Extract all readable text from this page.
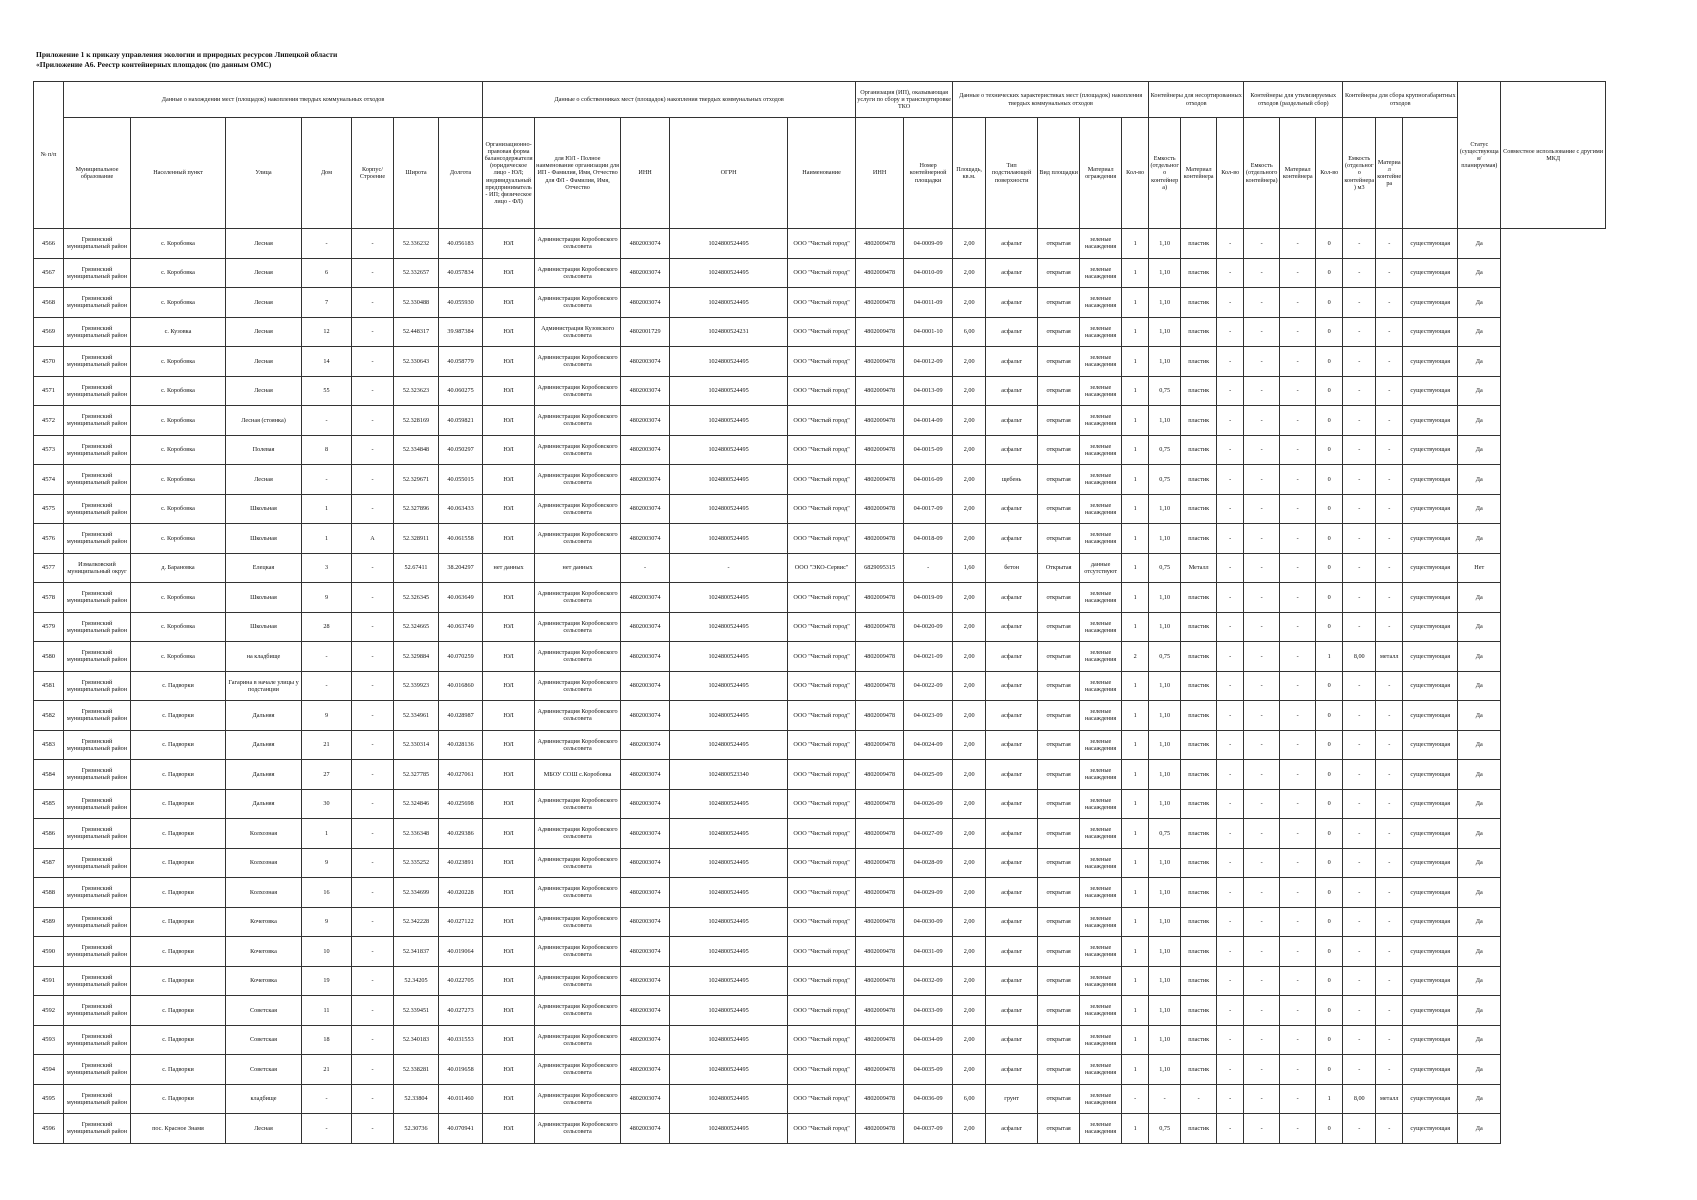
Приложение 1 к приказу управления экологии и природных ресурсов Липецкой области
«Приложение А6. Реестр контейнерных площадок (по данным ОМС)
№ п/п	Данные о нахождении мест (площадок) накопления твердых коммунальных отходов							Данные о собственниках мест (площадок) накопления твердых коммунальных отходов					Организация (ИП), оказывающая услуги по сбору и транспортировке ТКО		Данные о технических характеристиках мест (площадок) накопления твердых коммунальных отходов					Контейнеры для несортированных отходов			Контейнеры для утилизируемых отходов (раздельный сбор)			Контейнеры для сбора крупногабаритных отходов			Статус (существующая/ планируемая)	Совместное использование с другими МКД
	Муниципальное образование	Населенный пункт	Улица	Дом	Корпус/Строение	Широта	Долгота	Организационно-правовая форма балансодержателя (юридическое лицо - ЮЛ; индивидуальный предприниматель - ИП; физическое лицо - ФЛ)	для ЮЛ - Полное наименование организации для ИП - Фамилия, Имя, Отчество для ФЛ - Фамилия, Имя, Отчество	ИНН	ОГРН	Наименование	ИНН	Номер контейнерной площадки	Площадь, кв.м.	Тип подстилающей поверхности	Вид площадки	Материал ограждения	Кол-во	Емкость (отдельного контейнера)	Материал контейнера	Кол-во	Емкость (отдельного контейнера)	Материал контейнера	Кол-во	Емкость (отдельного контейнера) м3	Материал контейнера			
4566	Грязинский муниципальный район	с. Коробовка	Лесная	-	-	52.336232	40.056183	ЮЛ	Администрация Коробовского сельсовета	4802003074	1024800524495	ООО "Чистый город"	4802009478	04-0009-09	2,00	асфальт	открытая	зеленые насаждения	1	1,10	пластик	-	-	-	0	-	-	существующая	Да	
4567	Грязинский муниципальный район	с. Коробовка	Лесная	6	-	52.332657	40.057834	ЮЛ	Администрация Коробовского сельсовета	4802003074	1024800524495	ООО "Чистый город"	4802009478	04-0010-09	2,00	асфальт	открытая	зеленые насаждения	1	1,10	пластик	-	-	-	0	-	-	существующая	Да	
4568	Грязинский муниципальный район	с. Коробовка	Лесная	7	-	52.330488	40.055930	ЮЛ	Администрация Коробовского сельсовета	4802003074	1024800524495	ООО "Чистый город"	4802009478	04-0011-09	2,00	асфальт	открытая	зеленые насаждения	1	1,10	пластик	-	-	-	0	-	-	существующая	Да	
4569	Грязинский муниципальный район	с. Кузовка	Лесная	12	-	52.448317	39.987384	ЮЛ	Администрация Кузовского сельсовета	4802001729	1024800524231	ООО "Чистый город"	4802009478	04-0001-10	6,00	асфальт	открытая	зеленые насаждения	1	1,10	пластик	-	-	-	0	-	-	существующая	Да	
4570	Грязинский муниципальный район	с. Коробовка	Лесная	14	-	52.330643	40.058779	ЮЛ	Администрация Коробовского сельсовета	4802003074	1024800524495	ООО "Чистый город"	4802009478	04-0012-09	2,00	асфальт	открытая	зеленые насаждения	1	1,10	пластик	-	-	-	0	-	-	существующая	Да	
4571	Грязинский муниципальный район	с. Коробовка	Лесная	55	-	52.323623	40.060275	ЮЛ	Администрация Коробовского сельсовета	4802003074	1024800524495	ООО "Чистый город"	4802009478	04-0013-09	2,00	асфальт	открытая	зеленые насаждения	1	0,75	пластик	-	-	-	0	-	-	существующая	Да	
4572	Грязинский муниципальный район	с. Коробовка	Лесная (стоянка)	-	-	52.328169	40.059821	ЮЛ	Администрация Коробовского сельсовета	4802003074	1024800524495	ООО "Чистый город"	4802009478	04-0014-09	2,00	асфальт	открытая	зеленые насаждения	1	1,10	пластик	-	-	-	0	-	-	существующая	Да	
4573	Грязинский муниципальный район	с. Коробовка	Полевая	8	-	52.334848	40.050297	ЮЛ	Администрация Коробовского сельсовета	4802003074	1024800524495	ООО "Чистый город"	4802009478	04-0015-09	2,00	асфальт	открытая	зеленые насаждения	1	0,75	пластик	-	-	-	0	-	-	существующая	Да	
4574	Грязинский муниципальный район	с. Коробовка	Лесная	-	-	52.329671	40.055015	ЮЛ	Администрация Коробовского сельсовета	4802003074	1024800524495	ООО "Чистый город"	4802009478	04-0016-09	2,00	щебень	открытая	зеленые насаждения	1	0,75	пластик	-	-	-	0	-	-	существующая	Да	
4575	Грязинский муниципальный район	с. Коробовка	Школьная	1	-	52.327896	40.063433	ЮЛ	Администрация Коробовского сельсовета	4802003074	1024800524495	ООО "Чистый город"	4802009478	04-0017-09	2,00	асфальт	открытая	зеленые насаждения	1	1,10	пластик	-	-	-	0	-	-	существующая	Да	
4576	Грязинский муниципальный район	с. Коробовка	Школьная	1	А	52.328911	40.061558	ЮЛ	Администрация Коробовского сельсовета	4802003074	1024800524495	ООО "Чистый город"	4802009478	04-0018-09	2,00	асфальт	открытая	зеленые насаждения	1	1,10	пластик	-	-	-	0	-	-	существующая	Да	
4577	Измалковский муниципальный округ	д. Барановка	Елецкая	3	-	52.67411	38.204297	нет данных	нет данных	-	-	ООО "ЭКО-Сервис"	6829095315	-	1,60	бетон	Открытая	данные отсутствуют	1	0,75	Металл	-	-	-	0	-	-	существующая	Нет	
4578	Грязинский муниципальный район	с. Коробовка	Школьная	9	-	52.326345	40.063649	ЮЛ	Администрация Коробовского сельсовета	4802003074	1024800524495	ООО "Чистый город"	4802009478	04-0019-09	2,00	асфальт	открытая	зеленые насаждения	1	1,10	пластик	-	-	-	0	-	-	существующая	Да	
4579	Грязинский муниципальный район	с. Коробовка	Школьная	28	-	52.324665	40.063749	ЮЛ	Администрация Коробовского сельсовета	4802003074	1024800524495	ООО "Чистый город"	4802009478	04-0020-09	2,00	асфальт	открытая	зеленые насаждения	1	1,10	пластик	-	-	-	0	-	-	существующая	Да	
4580	Грязинский муниципальный район	с. Коробовка	на кладбище	-	-	52.329884	40.070259	ЮЛ	Администрация Коробовского сельсовета	4802003074	1024800524495	ООО "Чистый город"	4802009478	04-0021-09	2,00	асфальт	открытая	зеленые насаждения	2	0,75	пластик	-	-	-	1	8,00	металл	существующая	Да	
4581	Грязинский муниципальный район	с. Падворки	Гагарина в начале улицы у подстанции	-	-	52.339923	40.016860	ЮЛ	Администрация Коробовского сельсовета	4802003074	1024800524495	ООО "Чистый город"	4802009478	04-0022-09	2,00	асфальт	открытая	зеленые насаждения	1	1,10	пластик	-	-	-	0	-	-	существующая	Да	
4582	Грязинский муниципальный район	с. Падворки	Дальняя	9	-	52.334961	40.028987	ЮЛ	Администрация Коробовского сельсовета	4802003074	1024800524495	ООО "Чистый город"	4802009478	04-0023-09	2,00	асфальт	открытая	зеленые насаждения	1	1,10	пластик	-	-	-	0	-	-	существующая	Да	
4583	Грязинский муниципальный район	с. Падворки	Дальняя	21	-	52.330314	40.028136	ЮЛ	Администрация Коробовского сельсовета	4802003074	1024800524495	ООО "Чистый город"	4802009478	04-0024-09	2,00	асфальт	открытая	зеленые насаждения	1	1,10	пластик	-	-	-	0	-	-	существующая	Да	
4584	Грязинский муниципальный район	с. Падворки	Дальняя	27	-	52.327785	40.027061	ЮЛ	МБОУ СОШ с.Коробовка	4802003074	1024800523340	ООО "Чистый город"	4802009478	04-0025-09	2,00	асфальт	открытая	зеленые насаждения	1	1,10	пластик	-	-	-	0	-	-	существующая	Да	
4585	Грязинский муниципальный район	с. Падворки	Дальняя	30	-	52.324846	40.025698	ЮЛ	Администрация Коробовского сельсовета	4802003074	1024800524495	ООО "Чистый город"	4802009478	04-0026-09	2,00	асфальт	открытая	зеленые насаждения	1	1,10	пластик	-	-	-	0	-	-	существующая	Да	
4586	Грязинский муниципальный район	с. Падворки	Колхозная	1	-	52.336348	40.029386	ЮЛ	Администрация Коробовского сельсовета	4802003074	1024800524495	ООО "Чистый город"	4802009478	04-0027-09	2,00	асфальт	открытая	зеленые насаждения	1	0,75	пластик	-	-	-	0	-	-	существующая	Да	
4587	Грязинский муниципальный район	с. Падворки	Колхозная	9	-	52.335252	40.023891	ЮЛ	Администрация Коробовского сельсовета	4802003074	1024800524495	ООО "Чистый город"	4802009478	04-0028-09	2,00	асфальт	открытая	зеленые насаждения	1	1,10	пластик	-	-	-	0	-	-	существующая	Да	
4588	Грязинский муниципальный район	с. Падворки	Колхозная	16	-	52.334699	40.020228	ЮЛ	Администрация Коробовского сельсовета	4802003074	1024800524495	ООО "Чистый город"	4802009478	04-0029-09	2,00	асфальт	открытая	зеленые насаждения	1	1,10	пластик	-	-	-	0	-	-	существующая	Да	
4589	Грязинский муниципальный район	с. Падворки	Кочеговка	9	-	52.342228	40.027122	ЮЛ	Администрация Коробовского сельсовета	4802003074	1024800524495	ООО "Чистый город"	4802009478	04-0030-09	2,00	асфальт	открытая	зеленые насаждения	1	1,10	пластик	-	-	-	0	-	-	существующая	Да	
4590	Грязинский муниципальный район	с. Падворки	Кочеговка	10	-	52.341837	40.019064	ЮЛ	Администрация Коробовского сельсовета	4802003074	1024800524495	ООО "Чистый город"	4802009478	04-0031-09	2,00	асфальт	открытая	зеленые насаждения	1	1,10	пластик	-	-	-	0	-	-	существующая	Да	
4591	Грязинский муниципальный район	с. Падворки	Кочеговка	19	-	52.34205	40.022705	ЮЛ	Администрация Коробовского сельсовета	4802003074	1024800524495	ООО "Чистый город"	4802009478	04-0032-09	2,00	асфальт	открытая	зеленые насаждения	1	1,10	пластик	-	-	-	0	-	-	существующая	Да	
4592	Грязинский муниципальный район	с. Падворки	Советская	11	-	52.339451	40.027273	ЮЛ	Администрация Коробовского сельсовета	4802003074	1024800524495	ООО "Чистый город"	4802009478	04-0033-09	2,00	асфальт	открытая	зеленые насаждения	1	1,10	пластик	-	-	-	0	-	-	существующая	Да	
4593	Грязинский муниципальный район	с. Падворки	Советская	18	-	52.340183	40.031553	ЮЛ	Администрация Коробовского сельсовета	4802003074	1024800524495	ООО "Чистый город"	4802009478	04-0034-09	2,00	асфальт	открытая	зеленые насаждения	1	1,10	пластик	-	-	-	0	-	-	существующая	Да	
4594	Грязинский муниципальный район	с. Падворки	Советская	21	-	52.338281	40.019658	ЮЛ	Администрация Коробовского сельсовета	4802003074	1024800524495	ООО "Чистый город"	4802009478	04-0035-09	2,00	асфальт	открытая	зеленые насаждения	1	1,10	пластик	-	-	-	0	-	-	существующая	Да	
4595	Грязинский муниципальный район	с. Падворки	кладбище	-	-	52.33804	40.011460	ЮЛ	Администрация Коробовского сельсовета	4802003074	1024800524495	ООО "Чистый город"	4802009478	04-0036-09	6,00	грунт	открытая	зеленые насаждения	-	-	-	-	-	-	1	8,00	металл	существующая	Да	
4596	Грязинский муниципальный район	пос. Красное Знамя	Лесная	-	-	52.30736	40.070941	ЮЛ	Администрация Коробовского сельсовета	4802003074	1024800524495	ООО "Чистый город"	4802009478	04-0037-09	2,00	асфальт	открытая	зеленые насаждения	1	0,75	пластик	-	-	-	0	-	-	существующая	Да	
